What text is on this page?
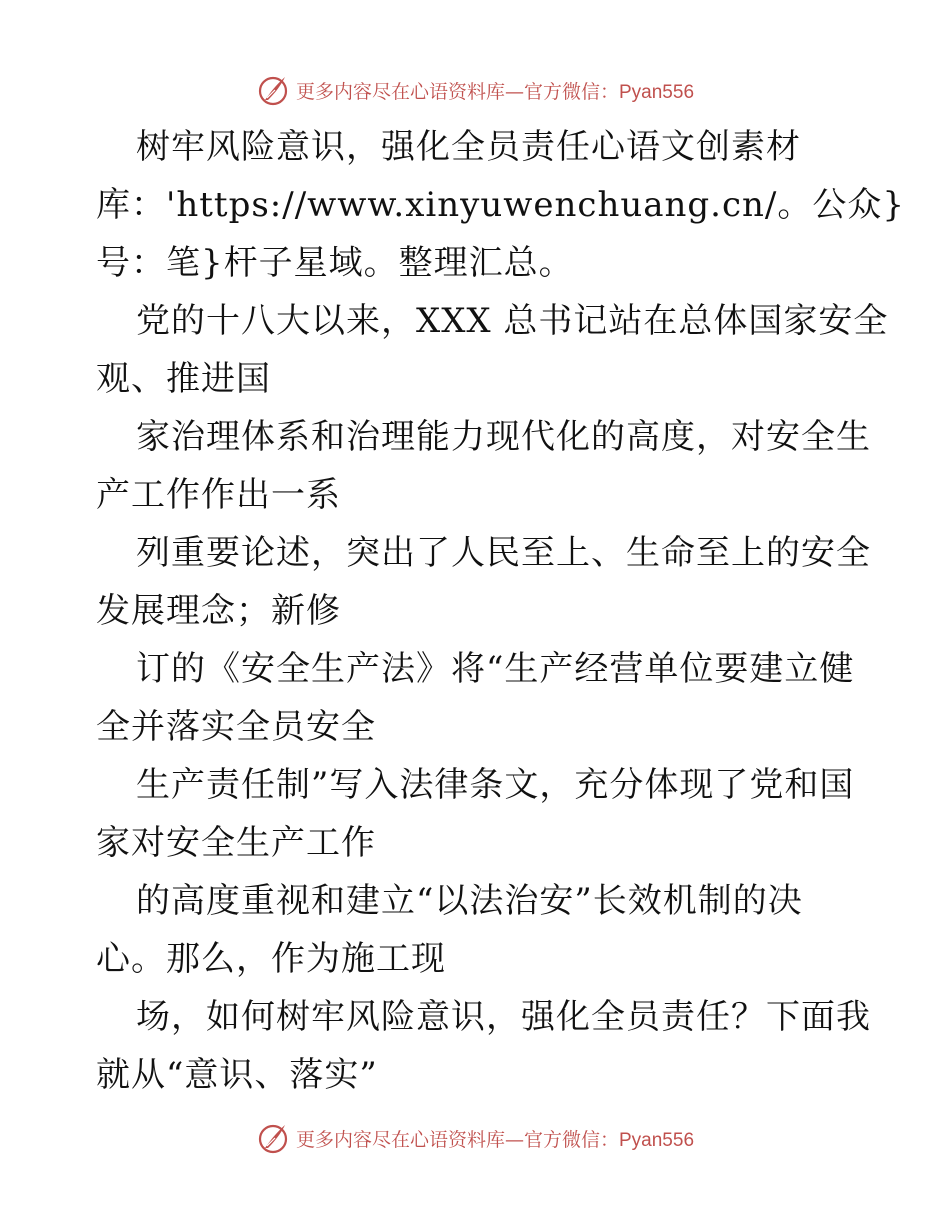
更多内容尽在心语资料库—官方微信：Pyan556
树牢风险意识，强化全员责任心语文创素材
库：'https://www.xinyuwenchuang.cn/。公众}
号：笔}杆子星域。整理汇总。
党的十八大以来，XXX 总书记站在总体国家安全
观、推进国
家治理体系和治理能力现代化的高度，对安全生
产工作作出一系
列重要论述，突出了人民至上、生命至上的安全
发展理念；新修
订的《安全生产法》将“生产经营单位要建立健
全并落实全员安全
生产责任制”写入法律条文，充分体现了党和国
家对安全生产工作
的高度重视和建立“以法治安”长效机制的决
心。那么，作为施工现
场，如何树牢风险意识，强化全员责任？下面我
就从“意识、落实”
更多内容尽在心语资料库—官方微信：Pyan556
